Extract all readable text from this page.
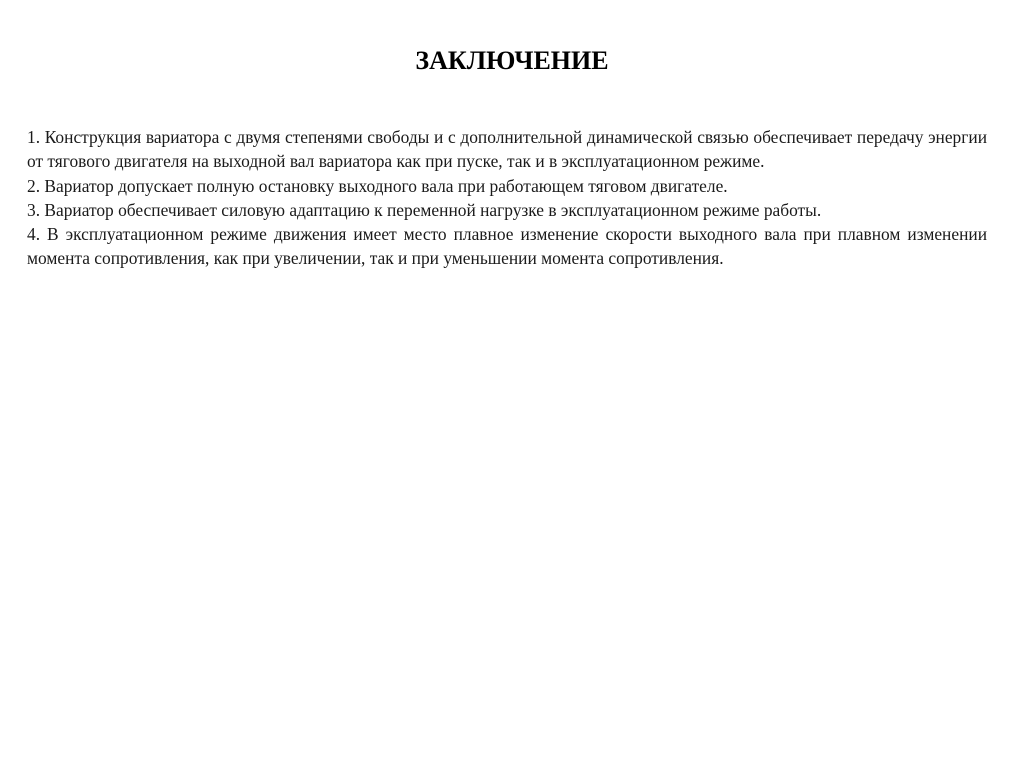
ЗАКЛЮЧЕНИЕ

1. Конструкция вариатора с двумя степенями свободы и с дополнительной динамической связью обеспечивает передачу энергии от тягового двигателя на выходной вал вариатора как при пуске, так и в эксплуатационном режиме.

2. Вариатор допускает полную остановку выходного вала при работающем тяговом двигателе.

3. Вариатор обеспечивает силовую адаптацию к переменной нагрузке в эксплуатационном режиме работы.

4. В эксплуатационном режиме движения имеет место плавное изменение скорости выходного вала при плавном изменении момента сопротивления, как при увеличении, так и при уменьшении момента сопротивления.
